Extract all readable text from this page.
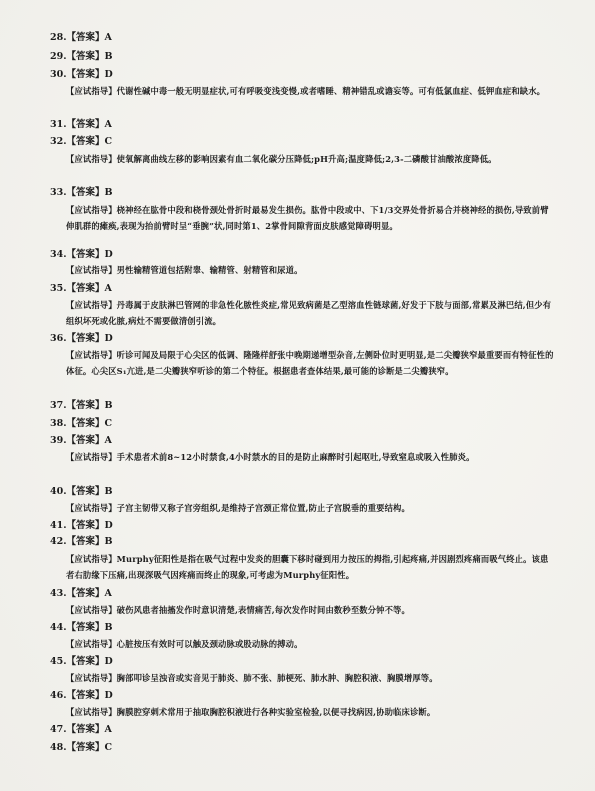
28.【答案】A
29.【答案】B
30.【答案】D
【应试指导】代谢性碱中毒一般无明显症状,可有呼吸变浅变慢,或者嗜睡、精神错乱或谵妄等。可有低氯血症、低钾血症和缺水。
31.【答案】A
32.【答案】C
【应试指导】使氧解离曲线左移的影响因素有血二氧化碳分压降低;pH升高;温度降低;2,3-二磷酸甘油酸浓度降低。
33.【答案】B
【应试指导】桡神经在肱骨中段和桡骨颈处骨折时最易发生损伤。肱骨中段或中、下1/3交界处骨折易合并桡神经的损伤,导致前臂伸肌群的瘫痪,表现为抬前臂时呈“垂腕”状,同时第1、2掌骨间隙背面皮肤感觉障碍明显。
34.【答案】D
【应试指导】男性输精管道包括附睾、输精管、射精管和尿道。
35.【答案】A
【应试指导】丹毒属于皮肤淋巴管网的非急性化脓性炎症,常见致病菌是乙型溶血性链球菌,好发于下肢与面部,常累及淋巴结,但少有组织坏死或化脓,病灶不需要做清创引流。
36.【答案】D
【应试指导】听诊可闻及局限于心尖区的低调、隆隆样舒张中晚期递增型杂音,左侧卧位时更明显,是二尖瓣狭窄最重要而有特征性的体征。心尖区S₁亢进,是二尖瓣狭窄听诊的第二个特征。根据患者查体结果,最可能的诊断是二尖瓣狭窄。
37.【答案】B
38.【答案】C
39.【答案】A
【应试指导】手术患者术前8~12小时禁食,4小时禁水的目的是防止麻醉时引起呕吐,导致窒息或吸入性肺炎。
40.【答案】B
【应试指导】子宫主韧带又称子宫旁组织,是维持子宫颈正常位置,防止子宫脱垂的重要结构。
41.【答案】D
42.【答案】B
【应试指导】Murphy征阳性是指在吸气过程中发炎的胆囊下移时碰到用力按压的拇指,引起疼痛,并因剧烈疼痛而吸气终止。该患者右肋缘下压痛,出现深吸气因疼痛而终止的现象,可考虑为Murphy征阳性。
43.【答案】A
【应试指导】破伤风患者抽搐发作时意识清楚,表情痛苦,每次发作时间由数秒至数分钟不等。
44.【答案】B
【应试指导】心脏按压有效时可以触及颈动脉或股动脉的搏动。
45.【答案】D
【应试指导】胸部叩诊呈浊音或实音见于肺炎、肺不张、肺梗死、肺水肿、胸腔积液、胸膜增厚等。
46.【答案】D
【应试指导】胸膜腔穿刺术常用于抽取胸腔积液进行各种实验室检验,以便寻找病因,协助临床诊断。
47.【答案】A
48.【答案】C
